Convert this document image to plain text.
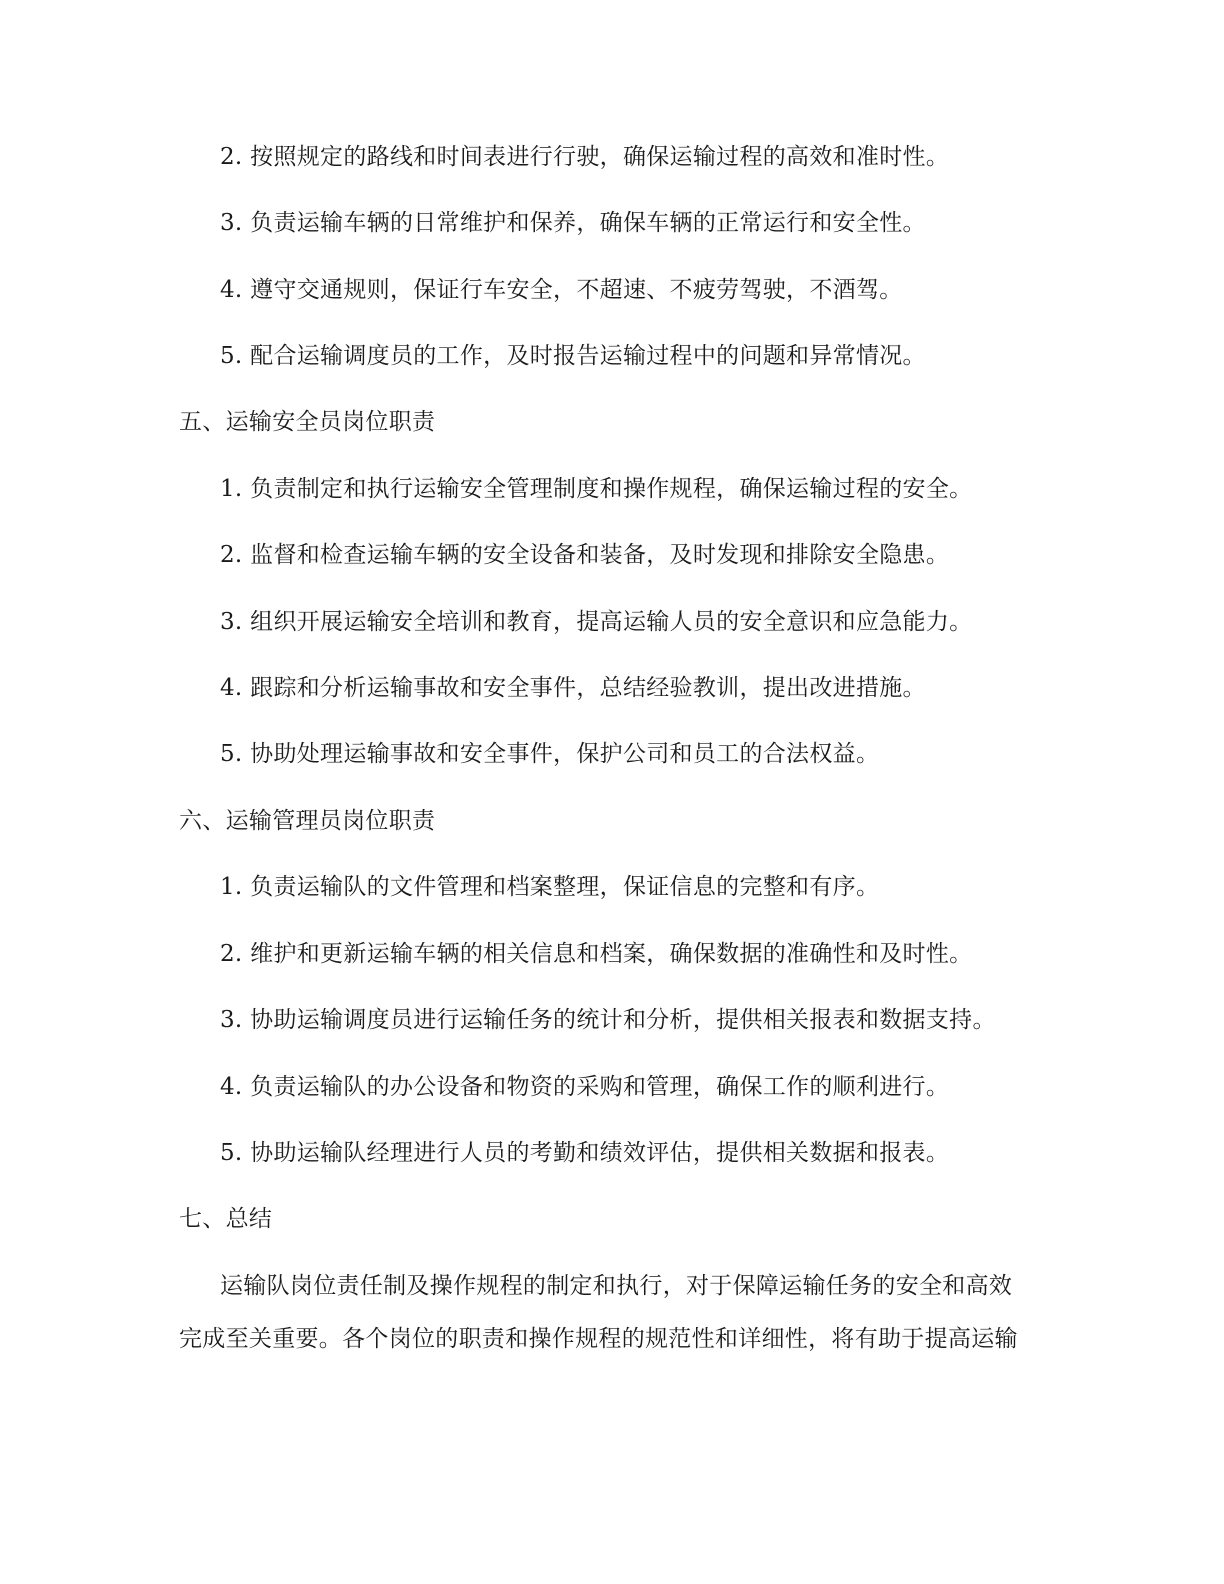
2. 按照规定的路线和时间表进行行驶，确保运输过程的高效和准时性。
3. 负责运输车辆的日常维护和保养，确保车辆的正常运行和安全性。
4. 遵守交通规则，保证行车安全，不超速、不疲劳驾驶，不酒驾。
5. 配合运输调度员的工作，及时报告运输过程中的问题和异常情况。
五、运输安全员岗位职责
1. 负责制定和执行运输安全管理制度和操作规程，确保运输过程的安全。
2. 监督和检查运输车辆的安全设备和装备，及时发现和排除安全隐患。
3. 组织开展运输安全培训和教育，提高运输人员的安全意识和应急能力。
4. 跟踪和分析运输事故和安全事件，总结经验教训，提出改进措施。
5. 协助处理运输事故和安全事件，保护公司和员工的合法权益。
六、运输管理员岗位职责
1. 负责运输队的文件管理和档案整理，保证信息的完整和有序。
2. 维护和更新运输车辆的相关信息和档案，确保数据的准确性和及时性。
3. 协助运输调度员进行运输任务的统计和分析，提供相关报表和数据支持。
4. 负责运输队的办公设备和物资的采购和管理，确保工作的顺利进行。
5. 协助运输队经理进行人员的考勤和绩效评估，提供相关数据和报表。
七、总结
运输队岗位责任制及操作规程的制定和执行，对于保障运输任务的安全和高效
完成至关重要。各个岗位的职责和操作规程的规范性和详细性，将有助于提高运输
